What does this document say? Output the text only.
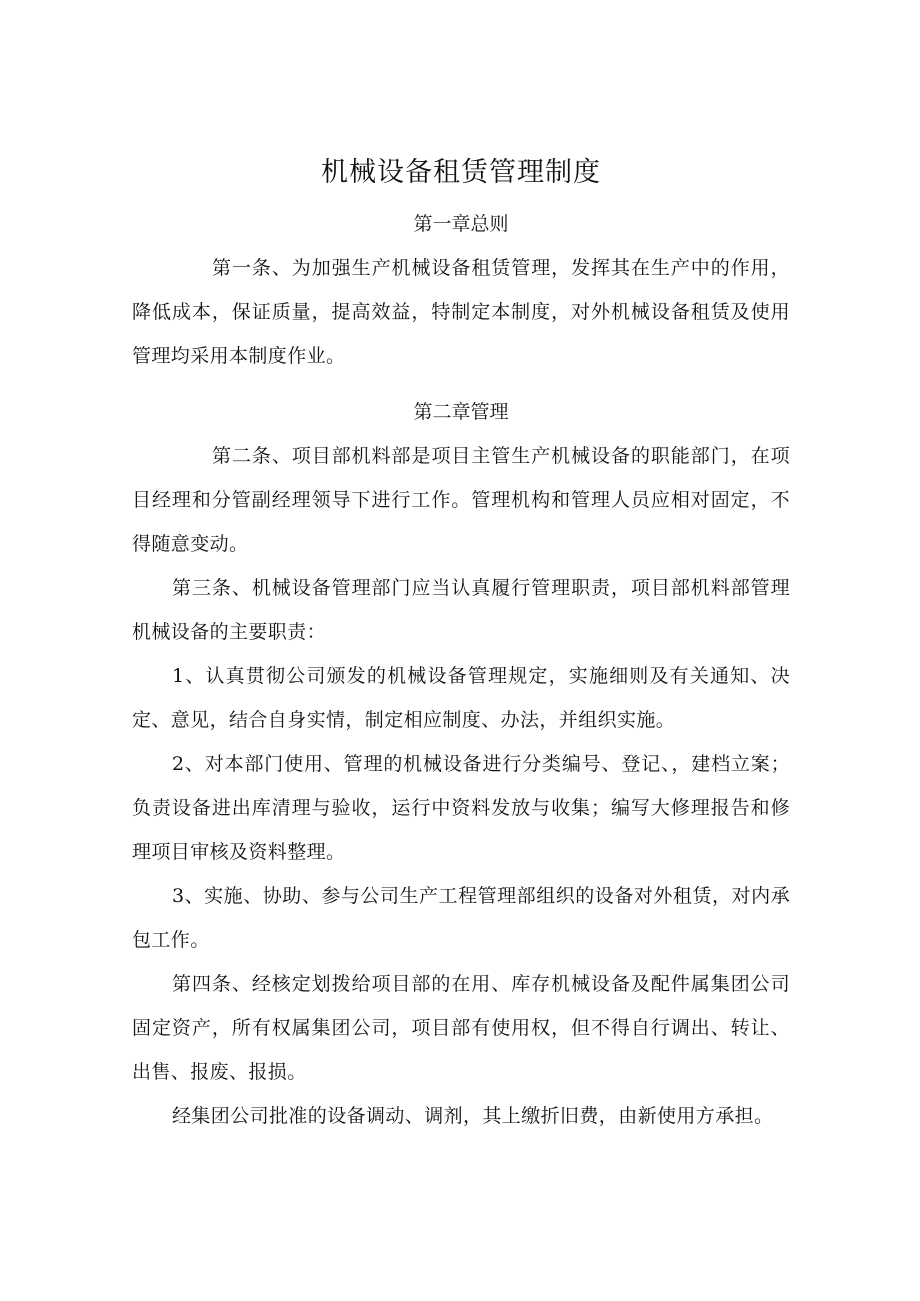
机械设备租赁管理制度
第一章总则

第一条、为加强生产机械设备租赁管理，发挥其在生产中的作用，降低成本，保证质量，提高效益，特制定本制度，对外机械设备租赁及使用管理均采用本制度作业。

第二章管理

第二条、项目部机料部是项目主管生产机械设备的职能部门，在项目经理和分管副经理领导下进行工作。管理机构和管理人员应相对固定，不得随意变动。

第三条、机械设备管理部门应当认真履行管理职责，项目部机料部管理机械设备的主要职责：

1、认真贯彻公司颁发的机械设备管理规定，实施细则及有关通知、决定、意见，结合自身实情，制定相应制度、办法，并组织实施。

2、对本部门使用、管理的机械设备进行分类编号、登记、，建档立案；负责设备进出库清理与验收，运行中资料发放与收集；编写大修理报告和修理项目审核及资料整理。

3、实施、协助、参与公司生产工程管理部组织的设备对外租赁，对内承包工作。

第四条、经核定划拨给项目部的在用、库存机械设备及配件属集团公司固定资产，所有权属集团公司，项目部有使用权，但不得自行调出、转让、出售、报废、报损。

经集团公司批准的设备调动、调剂，其上缴折旧费，由新使用方承担。
